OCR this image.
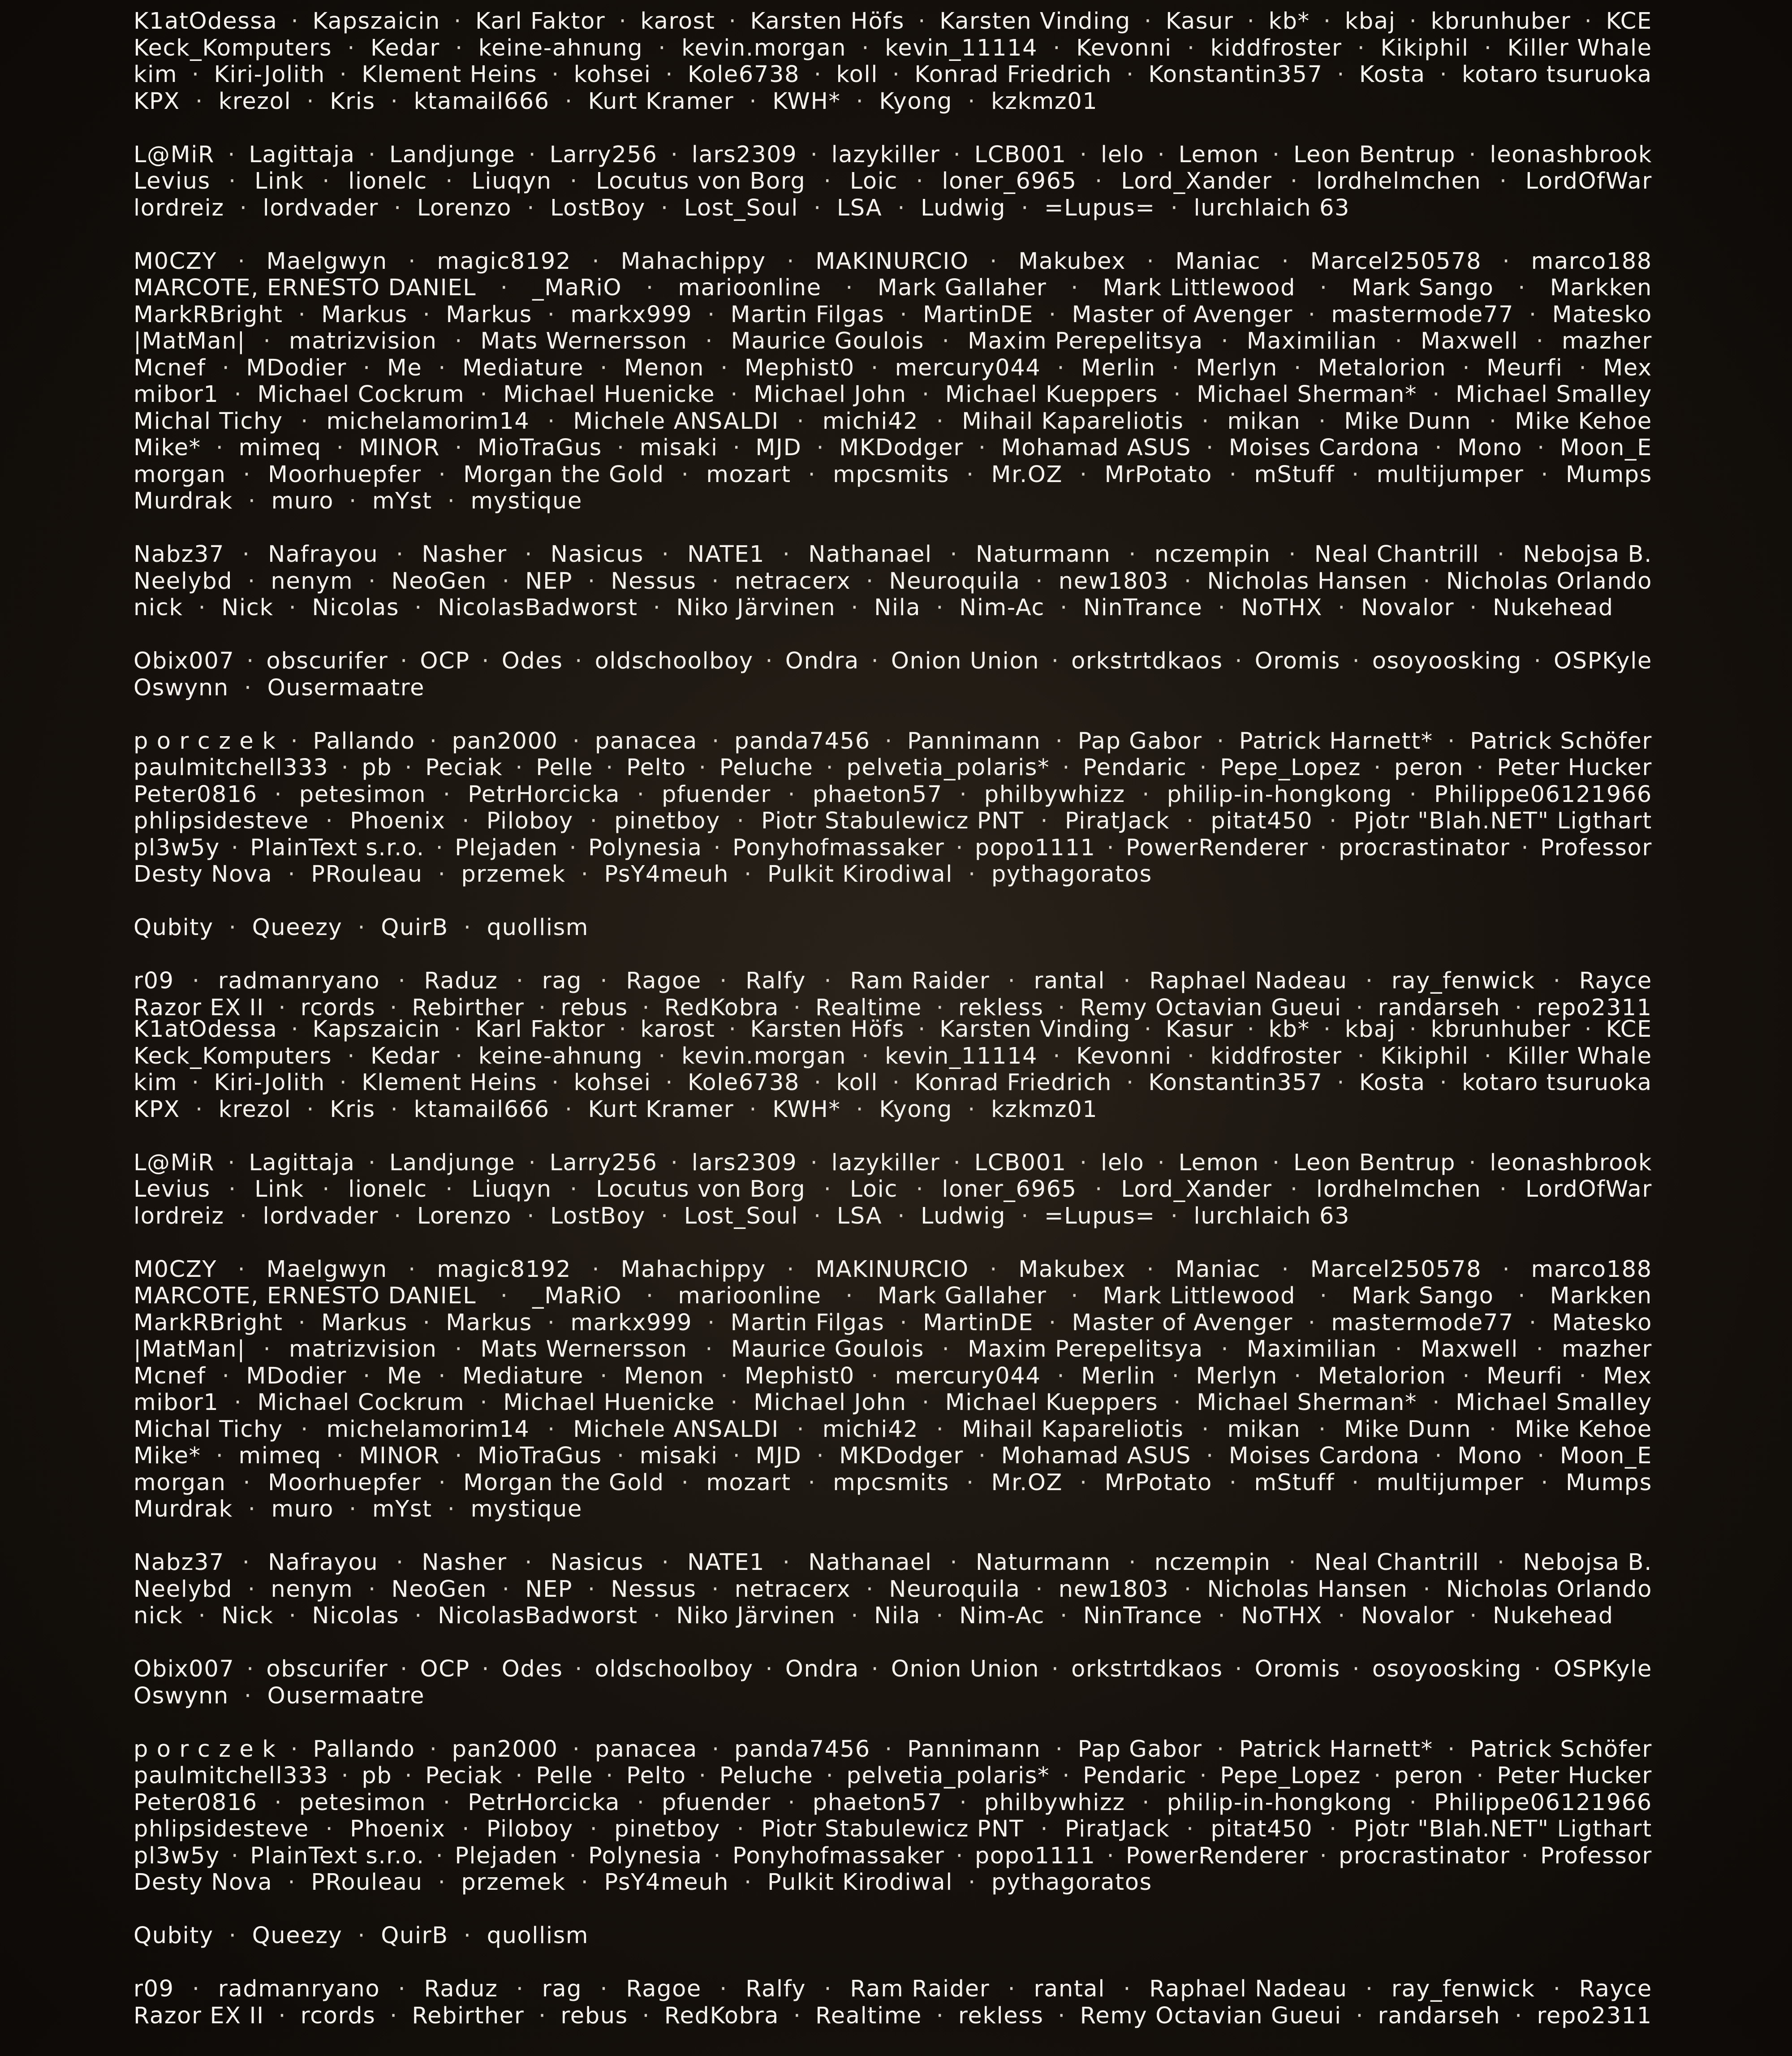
K1atOdessa · Kapszaicin · Karl Faktor · karost · Karsten Höfs · Karsten Vinding · Kasur · kb* · kbaj · kbrunhuber · KCE
Keck_Komputers · Kedar · keine-ahnung · kevin.morgan · kevin_11114 · Kevonni · kiddfroster · Kikiphil · Killer Whale
kim · Kiri-Jolith · Klement Heins · kohsei · Kole6738 · koll · Konrad Friedrich · Konstantin357 · Kosta · kotaro tsuruoka
KPX · krezol · Kris · ktamail666 · Kurt Kramer · KWH* · Kyong · kzkmz01
L@MiR · Lagittaja · Landjunge · Larry256 · lars2309 · lazykiller · LCB001 · lelo · Lemon · Leon Bentrup · leonashbrook
Levius · Link · lionelc · Liuqyn · Locutus von Borg · Loic · loner_6965 · Lord_Xander · lordhelmchen · LordOfWar
lordreiz · lordvader · Lorenzo · LostBoy · Lost_Soul · LSA · Ludwig · =Lupus= · lurchlaich 63
M0CZY · Maelgwyn · magic8192 · Mahachippy · MAKINURCIO · Makubex · Maniac · Marcel250578 · marco188
MARCOTE, ERNESTO DANIEL · _MaRiO · marioonline · Mark Gallaher · Mark Littlewood · Mark Sango · Markken
MarkRBright · Markus · Markus · markx999 · Martin Filgas · MartinDE · Master of Avenger · mastermode77 · Matesko
|MatMan| · matrizvision · Mats Wernersson · Maurice Goulois · Maxim Perepelitsya · Maximilian · Maxwell · mazher
Mcnef · MDodier · Me · Mediature · Menon · Mephist0 · mercury044 · Merlin · Merlyn · Metalorion · Meurfi · Mex
mibor1 · Michael Cockrum · Michael Huenicke · Michael John · Michael Kueppers · Michael Sherman* · Michael Smalley
Michal Tichy · michelamorim14 · Michele ANSALDI · michi42 · Mihail Kapareliotis · mikan · Mike Dunn · Mike Kehoe
Mike* · mimeq · MINOR · MioTraGus · misaki · MJD · MKDodger · Mohamad ASUS · Moises Cardona · Mono · Moon_E
morgan · Moorhuepfer · Morgan the Gold · mozart · mpcsmits · Mr.OZ · MrPotato · mStuff · multijumper · Mumps
Murdrak · muro · mYst · mystique
Nabz37 · Nafrayou · Nasher · Nasicus · NATE1 · Nathanael · Naturmann · nczempin · Neal Chantrill · Nebojsa B.
Neelybd · nenym · NeoGen · NEP · Nessus · netracerx · Neuroquila · new1803 · Nicholas Hansen · Nicholas Orlando
nick · Nick · Nicolas · NicolasBadworst · Niko Järvinen · Nila · Nim-Ac · NinTrance · NoTHX · Novalor · Nukehead
Obix007 · obscurifer · OCP · Odes · oldschoolboy · Ondra · Onion Union · orkstrtdkaos · Oromis · osoyoosking · OSPKyle
Oswynn · Ousermaatre
p o r c z e k · Pallando · pan2000 · panacea · panda7456 · Pannimann · Pap Gabor · Patrick Harnett* · Patrick Schöfer
paulmitchell333 · pb · Peciak · Pelle · Pelto · Peluche · pelvetia_polaris* · Pendaric · Pepe_Lopez · peron · Peter Hucker
Peter0816 · petesimon · PetrHorcicka · pfuender · phaeton57 · philbywhizz · philip-in-hongkong · Philippe06121966
phlipsidesteve · Phoenix · Piloboy · pinetboy · Piotr Stabulewicz PNT · PiratJack · pitat450 · Pjotr "Blah.NET" Ligthart
pl3w5y · PlainText s.r.o. · Plejaden · Polynesia · Ponyhofmassaker · popo1111 · PowerRenderer · procrastinator · Professor
Desty Nova · PRouleau · przemek · PsY4meuh · Pulkit Kirodiwal · pythagoratos
Qubity · Queezy · QuirB · quollism
r09 · radmanryano · Raduz · rag · Ragoe · Ralfy · Ram Raider · rantal · Raphael Nadeau · ray_fenwick · Rayce
Razor EX II · rcords · Rebirther · rebus · RedKobra · Realtime · rekless · Remy Octavian Gueui · randarseh · repo2311
K1atOdessa · Kapszaicin · Karl Faktor · karost · Karsten Höfs · Karsten Vinding · Kasur · kb* · kbaj · kbrunhuber · KCE
Keck_Komputers · Kedar · keine-ahnung · kevin.morgan · kevin_11114 · Kevonni · kiddfroster · Kikiphil · Killer Whale
kim · Kiri-Jolith · Klement Heins · kohsei · Kole6738 · koll · Konrad Friedrich · Konstantin357 · Kosta · kotaro tsuruoka
KPX · krezol · Kris · ktamail666 · Kurt Kramer · KWH* · Kyong · kzkmz01
L@MiR · Lagittaja · Landjunge · Larry256 · lars2309 · lazykiller · LCB001 · lelo · Lemon · Leon Bentrup · leonashbrook
Levius · Link · lionelc · Liuqyn · Locutus von Borg · Loic · loner_6965 · Lord_Xander · lordhelmchen · LordOfWar
lordreiz · lordvader · Lorenzo · LostBoy · Lost_Soul · LSA · Ludwig · =Lupus= · lurchlaich 63
M0CZY · Maelgwyn · magic8192 · Mahachippy · MAKINURCIO · Makubex · Maniac · Marcel250578 · marco188
MARCOTE, ERNESTO DANIEL · _MaRiO · marioonline · Mark Gallaher · Mark Littlewood · Mark Sango · Markken
MarkRBright · Markus · Markus · markx999 · Martin Filgas · MartinDE · Master of Avenger · mastermode77 · Matesko
|MatMan| · matrizvision · Mats Wernersson · Maurice Goulois · Maxim Perepelitsya · Maximilian · Maxwell · mazher
Mcnef · MDodier · Me · Mediature · Menon · Mephist0 · mercury044 · Merlin · Merlyn · Metalorion · Meurfi · Mex
mibor1 · Michael Cockrum · Michael Huenicke · Michael John · Michael Kueppers · Michael Sherman* · Michael Smalley
Michal Tichy · michelamorim14 · Michele ANSALDI · michi42 · Mihail Kapareliotis · mikan · Mike Dunn · Mike Kehoe
Mike* · mimeq · MINOR · MioTraGus · misaki · MJD · MKDodger · Mohamad ASUS · Moises Cardona · Mono · Moon_E
morgan · Moorhuepfer · Morgan the Gold · mozart · mpcsmits · Mr.OZ · MrPotato · mStuff · multijumper · Mumps
Murdrak · muro · mYst · mystique
Nabz37 · Nafrayou · Nasher · Nasicus · NATE1 · Nathanael · Naturmann · nczempin · Neal Chantrill · Nebojsa B.
Neelybd · nenym · NeoGen · NEP · Nessus · netracerx · Neuroquila · new1803 · Nicholas Hansen · Nicholas Orlando
nick · Nick · Nicolas · NicolasBadworst · Niko Järvinen · Nila · Nim-Ac · NinTrance · NoTHX · Novalor · Nukehead
Obix007 · obscurifer · OCP · Odes · oldschoolboy · Ondra · Onion Union · orkstrtdkaos · Oromis · osoyoosking · OSPKyle
Oswynn · Ousermaatre
p o r c z e k · Pallando · pan2000 · panacea · panda7456 · Pannimann · Pap Gabor · Patrick Harnett* · Patrick Schöfer
paulmitchell333 · pb · Peciak · Pelle · Pelto · Peluche · pelvetia_polaris* · Pendaric · Pepe_Lopez · peron · Peter Hucker
Peter0816 · petesimon · PetrHorcicka · pfuender · phaeton57 · philbywhizz · philip-in-hongkong · Philippe06121966
phlipsidesteve · Phoenix · Piloboy · pinetboy · Piotr Stabulewicz PNT · PiratJack · pitat450 · Pjotr "Blah.NET" Ligthart
pl3w5y · PlainText s.r.o. · Plejaden · Polynesia · Ponyhofmassaker · popo1111 · PowerRenderer · procrastinator · Professor
Desty Nova · PRouleau · przemek · PsY4meuh · Pulkit Kirodiwal · pythagoratos
Qubity · Queezy · QuirB · quollism
r09 · radmanryano · Raduz · rag · Ragoe · Ralfy · Ram Raider · rantal · Raphael Nadeau · ray_fenwick · Rayce
Razor EX II · rcords · Rebirther · rebus · RedKobra · Realtime · rekless · Remy Octavian Gueui · randarseh · repo2311
